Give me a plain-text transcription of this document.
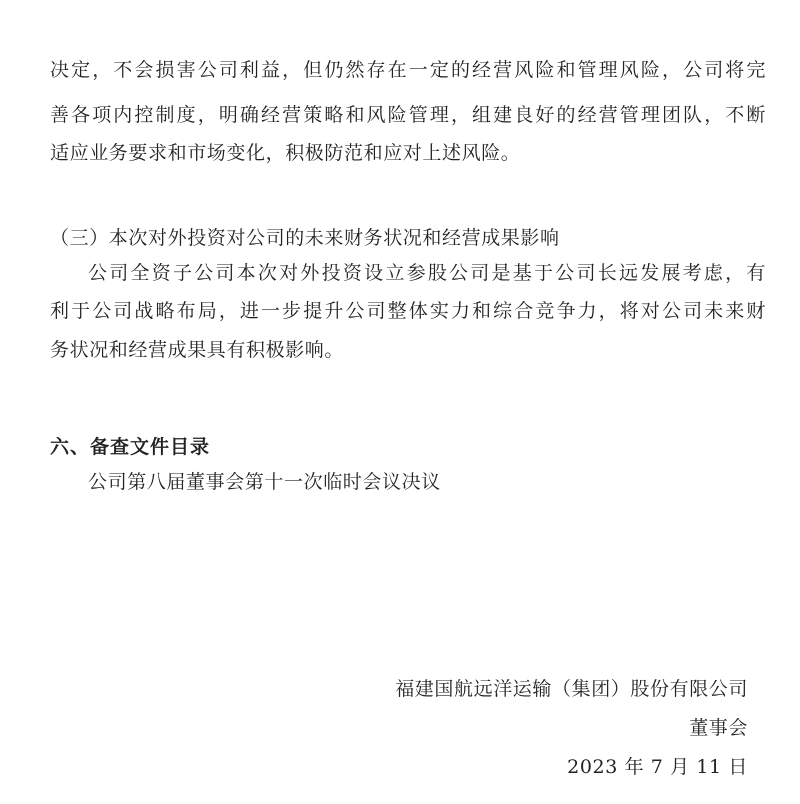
决定，不会损害公司利益，但仍然存在一定的经营风险和管理风险，公司将完
善各项内控制度，明确经营策略和风险管理，组建良好的经营管理团队，不断
适应业务要求和市场变化，积极防范和应对上述风险。
（三）本次对外投资对公司的未来财务状况和经营成果影响
公司全资子公司本次对外投资设立参股公司是基于公司长远发展考虑，有
利于公司战略布局，进一步提升公司整体实力和综合竞争力，将对公司未来财
务状况和经营成果具有积极影响。
六、备查文件目录
公司第八届董事会第十一次临时会议决议
福建国航远洋运输（集团）股份有限公司
董事会
2023 年 7 月 11 日
